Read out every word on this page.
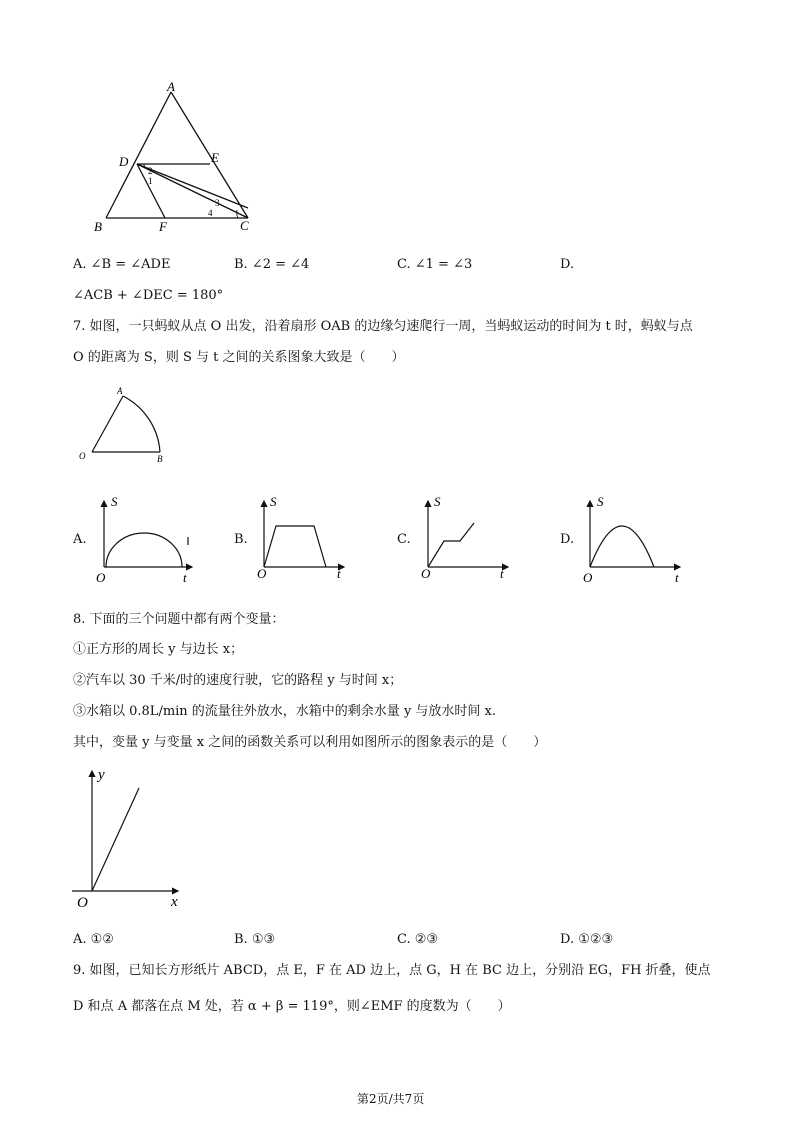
A
D	E
B	F	C
2
1
3
4
A. ∠B = ∠ADE	B. ∠2 = ∠4	C. ∠1 = ∠3	D.
∠ACB + ∠DEC = 180°
7. 如图，一只蚂蚁从点 O 出发，沿着扇形 OAB 的边缘匀速爬行一周，当蚂蚁运动的时间为 t 时，蚂蚁与点
O 的距离为 S，则 S 与 t 之间的关系图象大致是（　　）
A
O	B
A.
S
O	t
B.
S
O	t
C.
S
O	t
D.
S
O	t
8. 下面的三个问题中都有两个变量：
①正方形的周长 y 与边长 x；
②汽车以 30 千米/时的速度行驶，它的路程 y 与时间 x；
③水箱以 0.8L/min 的流量往外放水，水箱中的剩余水量 y 与放水时间 x.
其中，变量 y 与变量 x 之间的函数关系可以利用如图所示的图象表示的是（　　）
y
O	x
A. ①②	B. ①③	C. ②③	D. ①②③
9. 如图，已知长方形纸片 ABCD，点 E，F 在 AD 边上，点 G，H 在 BC 边上，分别沿 EG，FH 折叠，使点
D 和点 A 都落在点 M 处，若 α + β = 119°，则∠EMF 的度数为（　　）
第2页/共7页
